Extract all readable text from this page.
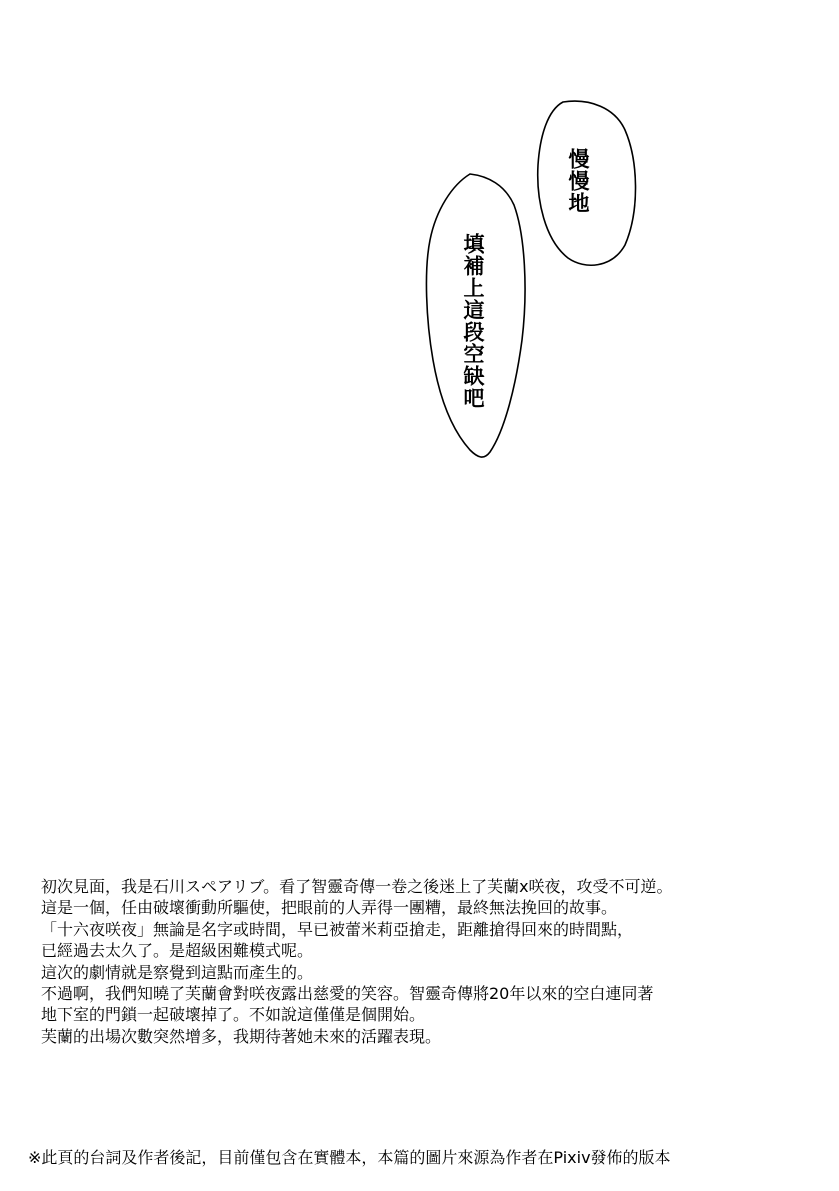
慢慢地
填補上這段空缺吧
初次見面，我是石川スペアリブ。看了智靈奇傳一卷之後迷上了芙蘭x咲夜，攻受不可逆。
這是一個，任由破壞衝動所驅使，把眼前的人弄得一團糟，最終無法挽回的故事。
「十六夜咲夜」無論是名字或時間，早已被蕾米莉亞搶走，距離搶得回來的時間點，
已經過去太久了。是超級困難模式呢。
這次的劇情就是察覺到這點而產生的。
不過啊，我們知曉了芙蘭會對咲夜露出慈愛的笑容。智靈奇傳將20年以來的空白連同著
地下室的門鎖一起破壞掉了。不如說這僅僅是個開始。
芙蘭的出場次數突然增多，我期待著她未來的活躍表現。
※此頁的台詞及作者後記，目前僅包含在實體本，本篇的圖片來源為作者在Pixiv發佈的版本
